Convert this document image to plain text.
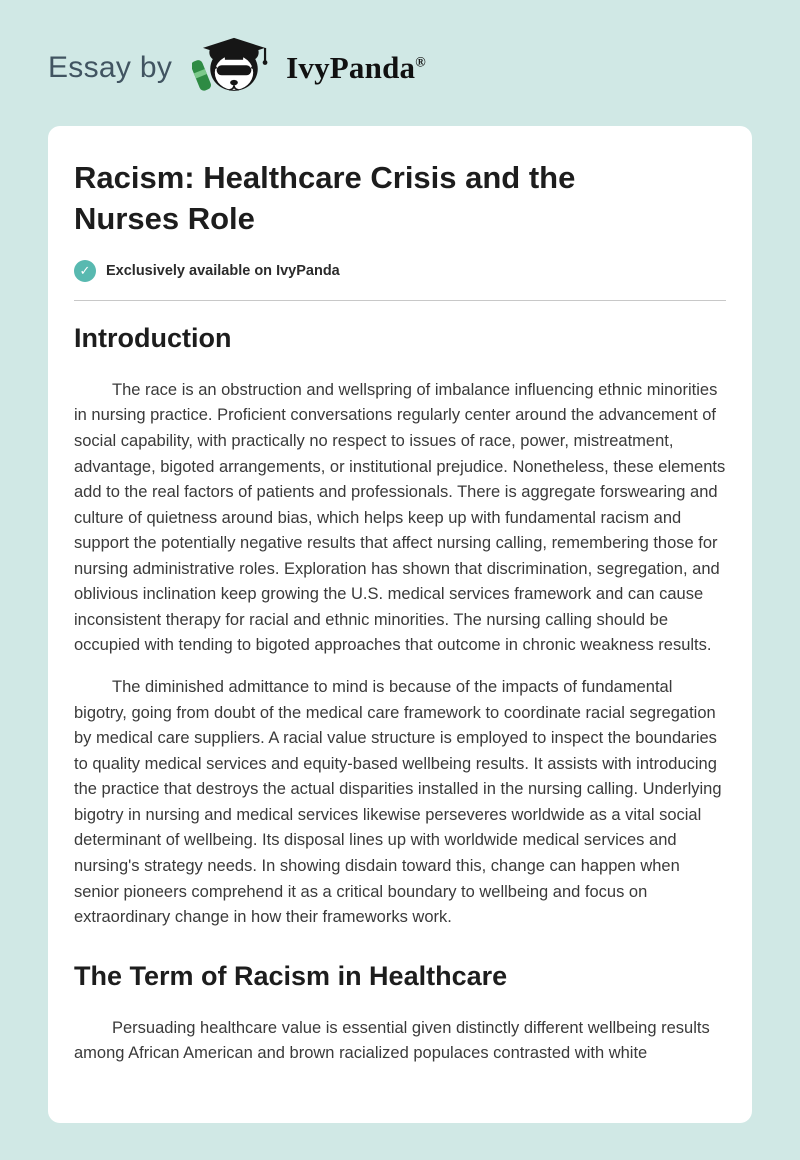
Essay by	IvyPanda®
Racism: Healthcare Crisis and the Nurses Role
✓	Exclusively available on IvyPanda
Introduction

The race is an obstruction and wellspring of imbalance influencing ethnic minorities in nursing practice. Proficient conversations regularly center around the advancement of social capability, with practically no respect to issues of race, power, mistreatment, advantage, bigoted arrangements, or institutional prejudice. Nonetheless, these elements add to the real factors of patients and professionals. There is aggregate forswearing and culture of quietness around bias, which helps keep up with fundamental racism and support the potentially negative results that affect nursing calling, remembering those for nursing administrative roles. Exploration has shown that discrimination, segregation, and oblivious inclination keep growing the U.S. medical services framework and can cause inconsistent therapy for racial and ethnic minorities. The nursing calling should be occupied with tending to bigoted approaches that outcome in chronic weakness results.

The diminished admittance to mind is because of the impacts of fundamental bigotry, going from doubt of the medical care framework to coordinate racial segregation by medical care suppliers. A racial value structure is employed to inspect the boundaries to quality medical services and equity-based wellbeing results. It assists with introducing the practice that destroys the actual disparities installed in the nursing calling. Underlying bigotry in nursing and medical services likewise perseveres worldwide as a vital social determinant of wellbeing. Its disposal lines up with worldwide medical services and nursing's strategy needs. In showing disdain toward this, change can happen when senior pioneers comprehend it as a critical boundary to wellbeing and focus on extraordinary change in how their frameworks work.

The Term of Racism in Healthcare

Persuading healthcare value is essential given distinctly different wellbeing results among African American and brown racialized populaces contrasted with white
